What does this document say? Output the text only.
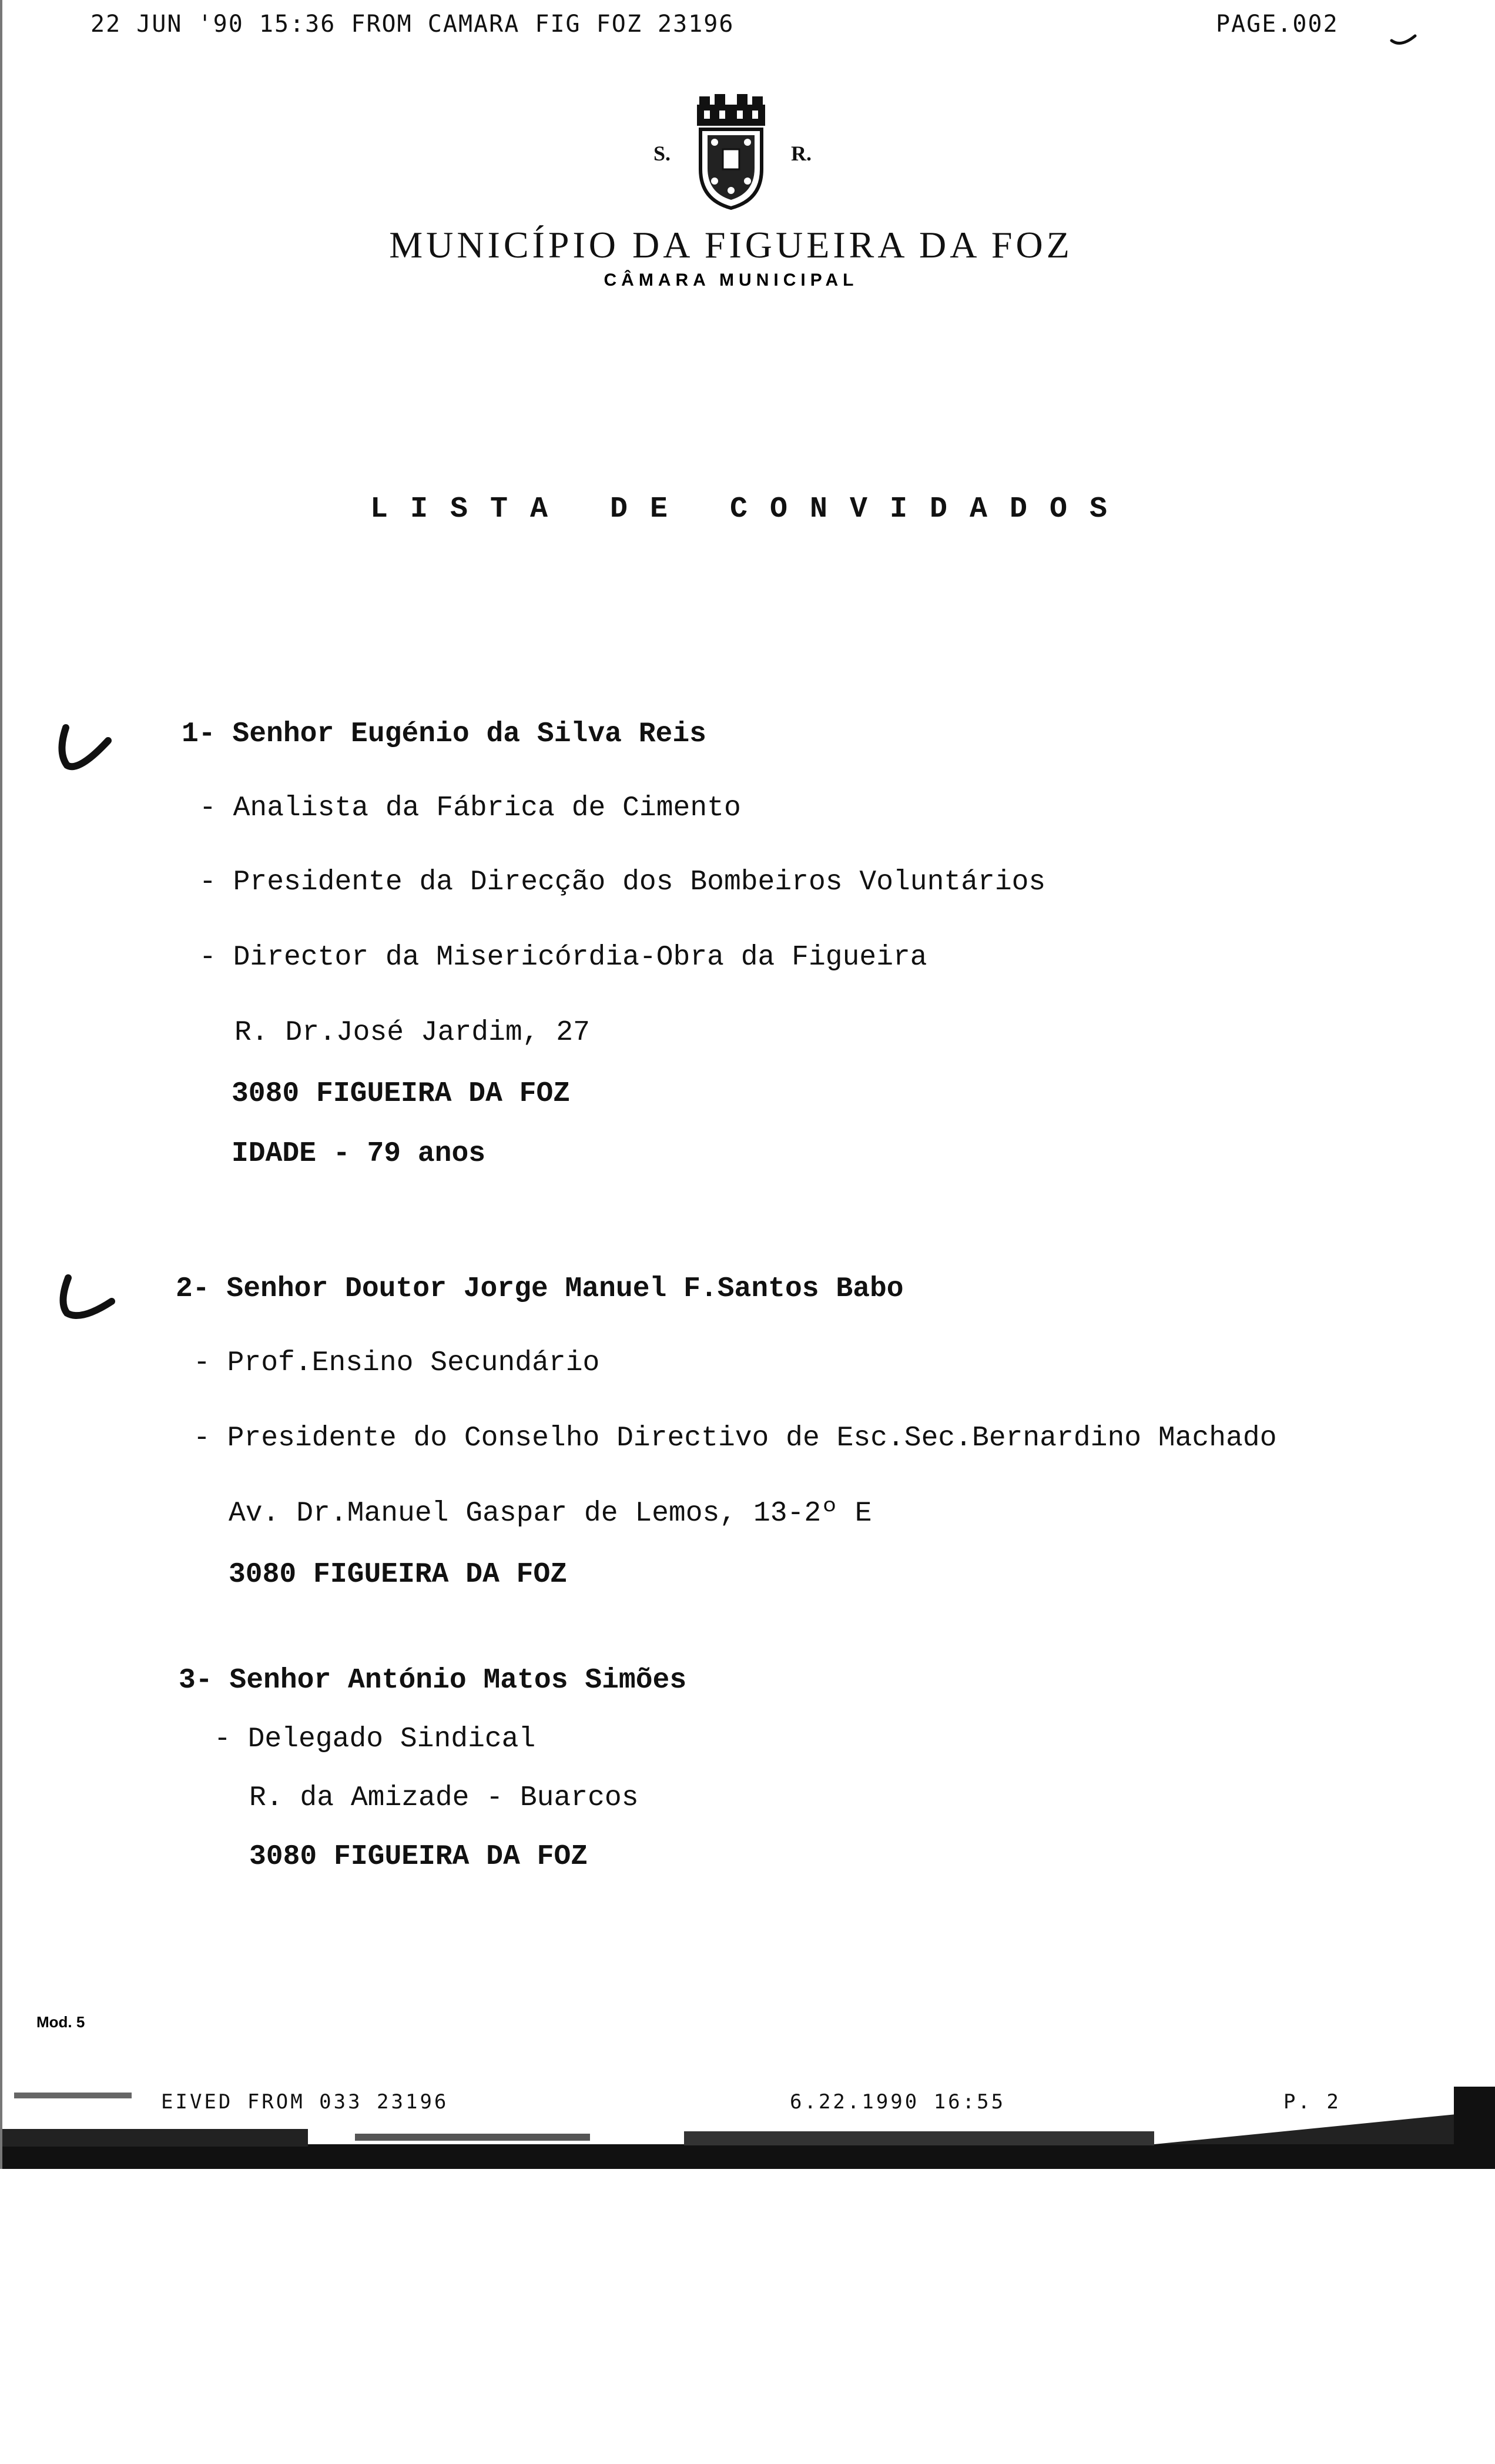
22 JUN '90 15:36 FROM CAMARA FIG FOZ 23196	PAGE.002
S.	R.
MUNICÍPIO DA FIGUEIRA DA FOZ
CÂMARA MUNICIPAL
LISTA DE CONVIDADOS
1- Senhor Eugénio da Silva Reis
- Analista da Fábrica de Cimento
- Presidente da Direcção dos Bombeiros Voluntários
- Director da Misericórdia-Obra da Figueira
R. Dr.José Jardim, 27
3080 FIGUEIRA DA FOZ
IDADE - 79 anos
2- Senhor Doutor Jorge Manuel F.Santos Babo
- Prof.Ensino Secundário
- Presidente do Conselho Directivo de Esc.Sec.Bernardino Machado
Av. Dr.Manuel Gaspar de Lemos, 13-2º E
3080 FIGUEIRA DA FOZ
3- Senhor António Matos Simões
- Delegado Sindical
R. da Amizade - Buarcos
3080 FIGUEIRA DA FOZ
Mod. 5
EIVED FROM 033 23196	6.22.1990 16:55	P. 2
